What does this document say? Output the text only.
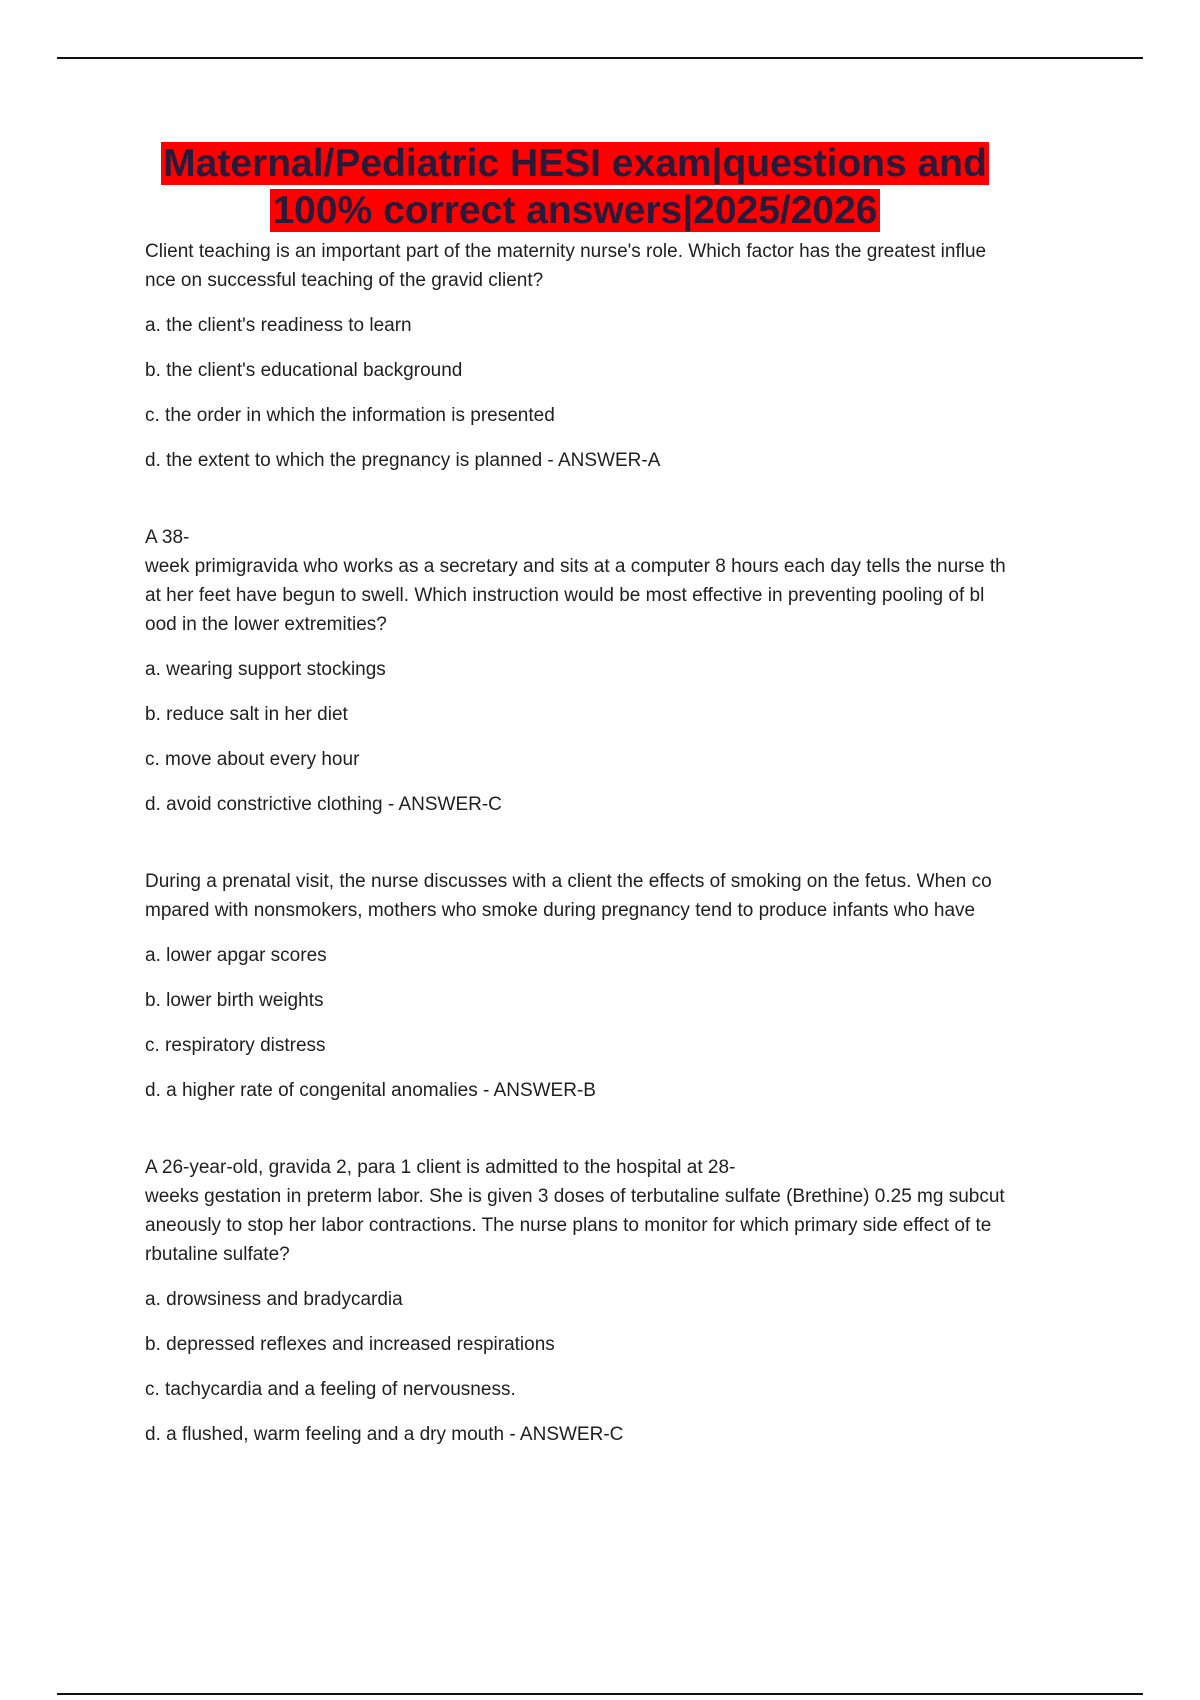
Maternal/Pediatric HESI exam|questions and
100% correct answers|2025/2026

Client teaching is an important part of the maternity nurse's role. Which factor has the greatest influe
nce on successful teaching of the gravid client?

a. the client's readiness to learn

b. the client's educational background

c. the order in which the information is presented

d. the extent to which the pregnancy is planned - ANSWER-A

A 38-
week primigravida who works as a secretary and sits at a computer 8 hours each day tells the nurse th
at her feet have begun to swell. Which instruction would be most effective in preventing pooling of bl
ood in the lower extremities?

a. wearing support stockings

b. reduce salt in her diet

c. move about every hour

d. avoid constrictive clothing - ANSWER-C

During a prenatal visit, the nurse discusses with a client the effects of smoking on the fetus. When co
mpared with nonsmokers, mothers who smoke during pregnancy tend to produce infants who have

a. lower apgar scores

b. lower birth weights

c. respiratory distress

d. a higher rate of congenital anomalies - ANSWER-B

A 26-year-old, gravida 2, para 1 client is admitted to the hospital at 28-
weeks gestation in preterm labor. She is given 3 doses of terbutaline sulfate (Brethine) 0.25 mg subcut
aneously to stop her labor contractions. The nurse plans to monitor for which primary side effect of te
rbutaline sulfate?

a. drowsiness and bradycardia

b. depressed reflexes and increased respirations

c. tachycardia and a feeling of nervousness.

d. a flushed, warm feeling and a dry mouth - ANSWER-C
